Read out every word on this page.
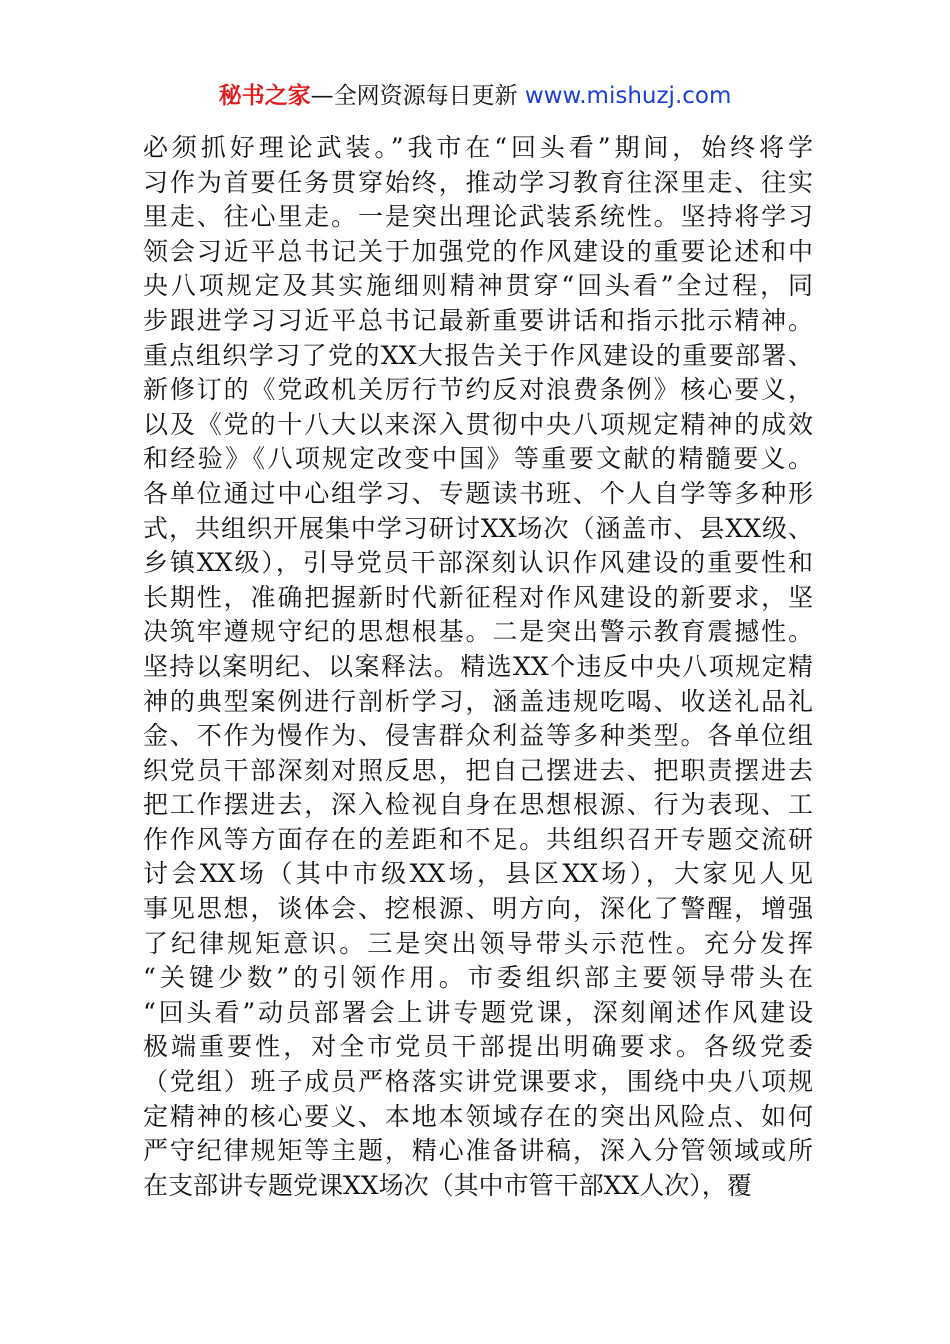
秘书之家—全网资源每日更新 www.mishuzj.com
必须抓好理论武装。”我市在“回头看”期间，始终将学
习作为首要任务贯穿始终，推动学习教育往深里走、往实
里走、往心里走。一是突出理论武装系统性。坚持将学习
领会习近平总书记关于加强党的作风建设的重要论述和中
央八项规定及其实施细则精神贯穿“回头看”全过程，同
步跟进学习习近平总书记最新重要讲话和指示批示精神。
重点组织学习了党的XX大报告关于作风建设的重要部署、
新修订的《党政机关厉行节约反对浪费条例》核心要义，
以及《党的十八大以来深入贯彻中央八项规定精神的成效
和经验》《八项规定改变中国》等重要文献的精髓要义。
各单位通过中心组学习、专题读书班、个人自学等多种形
式，共组织开展集中学习研讨XX场次（涵盖市、县XX级、
乡镇XX级），引导党员干部深刻认识作风建设的重要性和
长期性，准确把握新时代新征程对作风建设的新要求，坚
决筑牢遵规守纪的思想根基。二是突出警示教育震撼性。
坚持以案明纪、以案释法。精选XX个违反中央八项规定精
神的典型案例进行剖析学习，涵盖违规吃喝、收送礼品礼
金、不作为慢作为、侵害群众利益等多种类型。各单位组
织党员干部深刻对照反思，把自己摆进去、把职责摆进去
把工作摆进去，深入检视自身在思想根源、行为表现、工
作作风等方面存在的差距和不足。共组织召开专题交流研
讨会XX场（其中市级XX场，县区XX场），大家见人见
事见思想，谈体会、挖根源、明方向，深化了警醒，增强
了纪律规矩意识。三是突出领导带头示范性。充分发挥
“关键少数”的引领作用。市委组织部主要领导带头在
“回头看”动员部署会上讲专题党课，深刻阐述作风建设
极端重要性，对全市党员干部提出明确要求。各级党委
（党组）班子成员严格落实讲党课要求，围绕中央八项规
定精神的核心要义、本地本领域存在的突出风险点、如何
严守纪律规矩等主题，精心准备讲稿，深入分管领域或所
在支部讲专题党课XX场次（其中市管干部XX人次），覆
